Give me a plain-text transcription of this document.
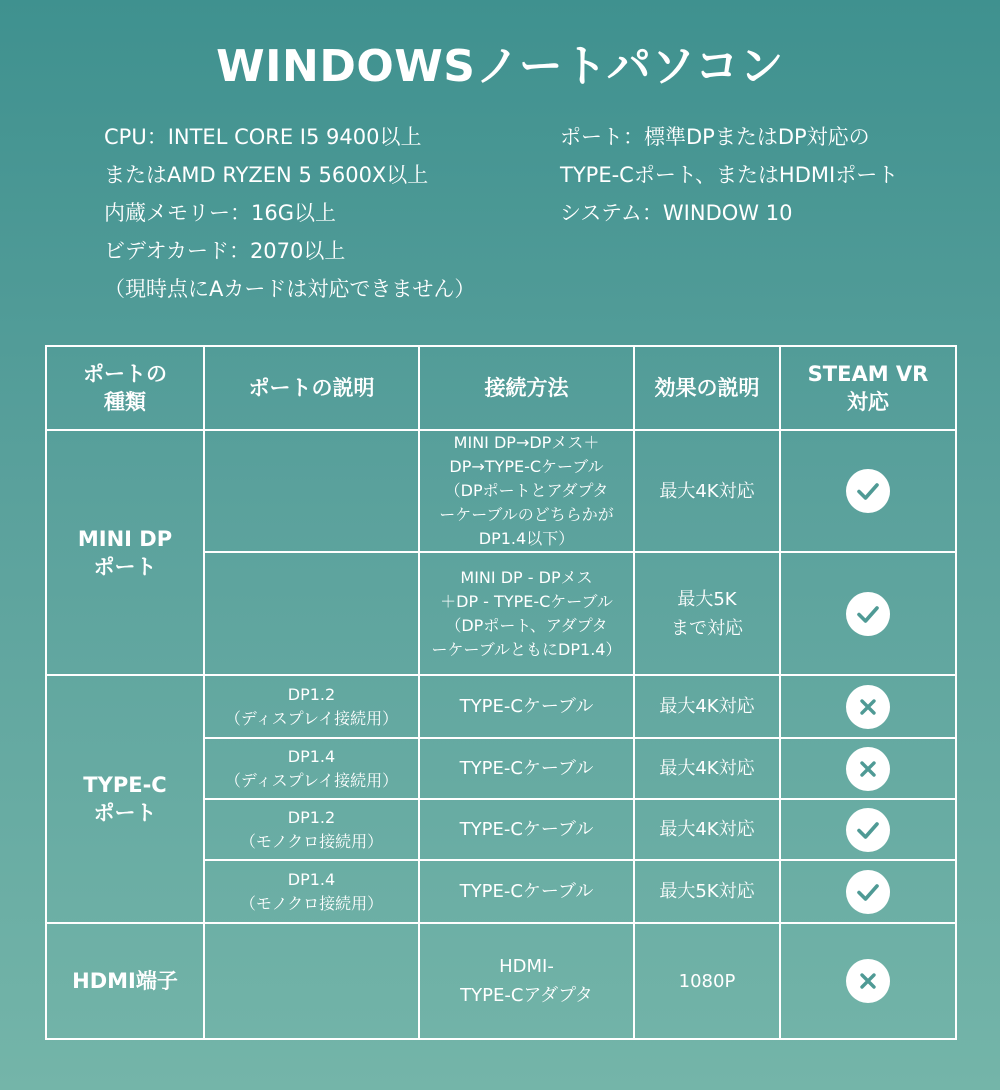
WINDOWSノートパソコン
CPU：INTEL CORE I5 9400以上
またはAMD RYZEN 5 5600X以上
内蔵メモリー：16G以上
ビデオカード：2070以上
（現時点にAカードは対応できません）
ポート：標準DPまたはDP対応の
TYPE-Cポート、またはHDMIポート
システム：WINDOW 10
ポートの
種類	ポートの説明	接続方法	効果の説明	STEAM VR
対応
MINI DP
ポート		MINI DP→DPメス＋
DP→TYPE-Cケーブル
（DPポートとアダプタ
ーケーブルのどちらかが
DP1.4以下）	最大4K対応	

		MINI DP - DPメス
＋DP - TYPE-Cケーブル
（DPポート、アダプタ
ーケーブルともにDP1.4）	最大5K
まで対応	

TYPE-C
ポート	DP1.2
（ディスプレイ接続用）	TYPE-Cケーブル	最大4K対応	

	DP1.4
（ディスプレイ接続用）	TYPE-Cケーブル	最大4K対応	

	DP1.2
（モノクロ接続用）	TYPE-Cケーブル	最大4K対応	

	DP1.4
（モノクロ接続用）	TYPE-Cケーブル	最大5K対応	

HDMI端子		HDMI-
TYPE-Cアダプタ	1080P	
